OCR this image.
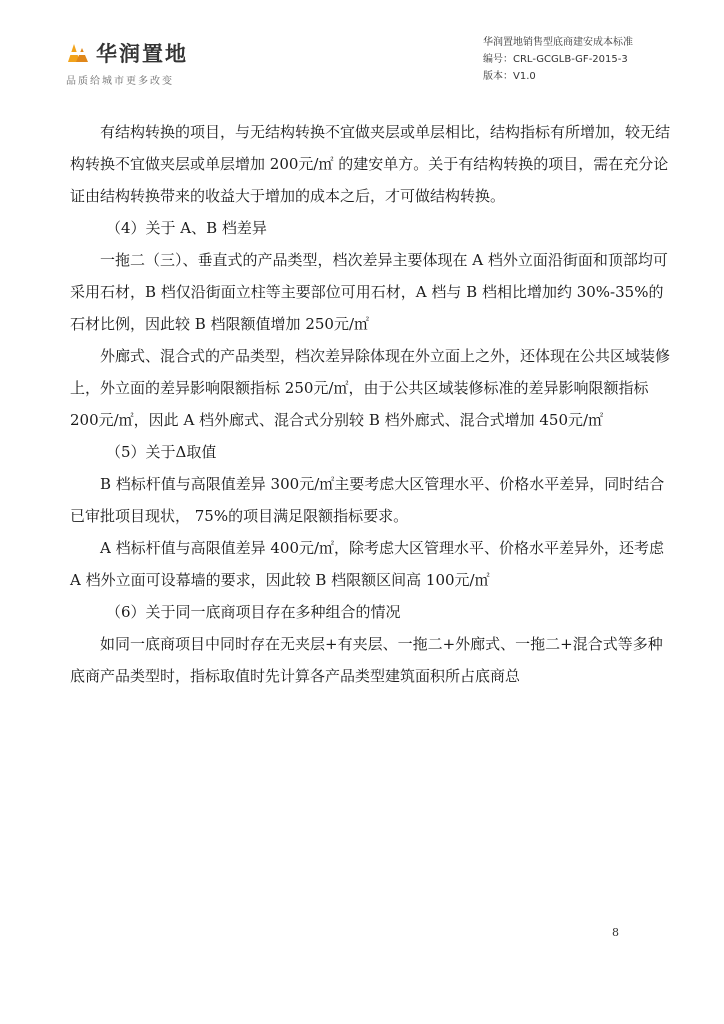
华润置地
品质给城市更多改变
华润置地销售型底商建安成本标准
编号：CRL-GCGLB-GF-2015-3
版本：V1.0

有结构转换的项目，与无结构转换不宜做夹层或单层相比，结构指标有所增加，较无结构转换不宜做夹层或单层增加 200元/㎡ 的建安单方。关于有结构转换的项目，需在充分论证由结构转换带来的收益大于增加的成本之后，才可做结构转换。

（4）关于 A、B 档差异

一拖二（三）、垂直式的产品类型，档次差异主要体现在 A 档外立面沿街面和顶部均可采用石材，B 档仅沿街面立柱等主要部位可用石材，A 档与 B 档相比增加约 30%-35%的石材比例，因此较 B 档限额值增加 250元/㎡

外廊式、混合式的产品类型，档次差异除体现在外立面上之外，还体现在公共区域装修上，外立面的差异影响限额指标 250元/㎡，由于公共区域装修标准的差异影响限额指标 200元/㎡，因此 A 档外廊式、混合式分别较 B 档外廊式、混合式增加 450元/㎡

（5）关于Δ取值

B 档标杆值与高限值差异 300元/㎡主要考虑大区管理水平、价格水平差异，同时结合已审批项目现状， 75%的项目满足限额指标要求。

A 档标杆值与高限值差异 400元/㎡，除考虑大区管理水平、价格水平差异外，还考虑 A 档外立面可设幕墙的要求，因此较 B 档限额区间高 100元/㎡

（6）关于同一底商项目存在多种组合的情况

如同一底商项目中同时存在无夹层+有夹层、一拖二+外廊式、一拖二+混合式等多种底商产品类型时，指标取值时先计算各产品类型建筑面积所占底商总

8
